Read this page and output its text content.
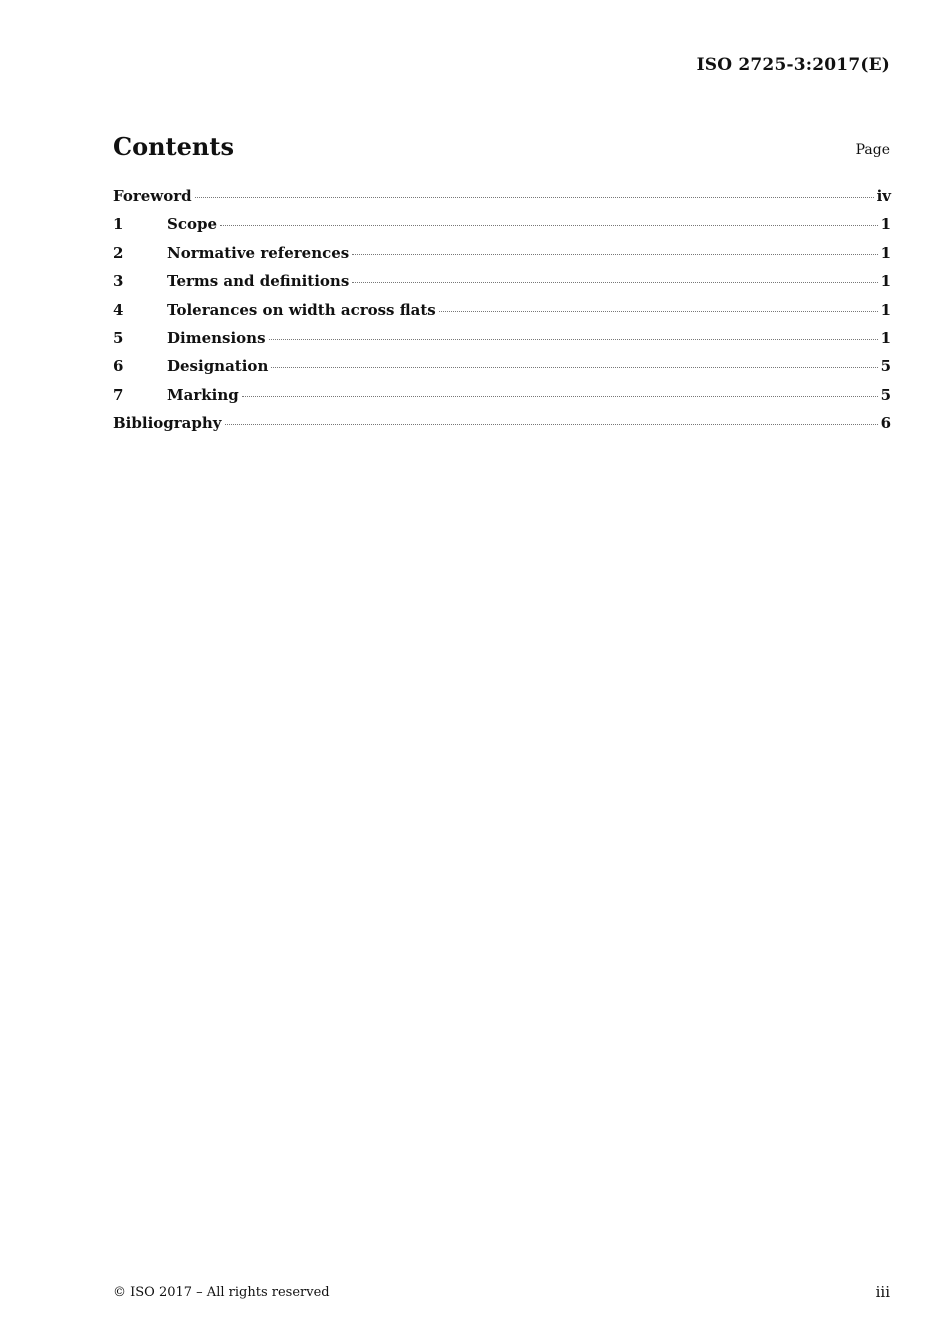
ISO 2725-3:2017(E)
Contents	Page
Foreword	iv
1	Scope	1
2	Normative references	1
3	Terms and definitions	1
4	Tolerances on width across flats	1
5	Dimensions	1
6	Designation	5
7	Marking	5
Bibliography	6
© ISO 2017 – All rights reserved	iii
